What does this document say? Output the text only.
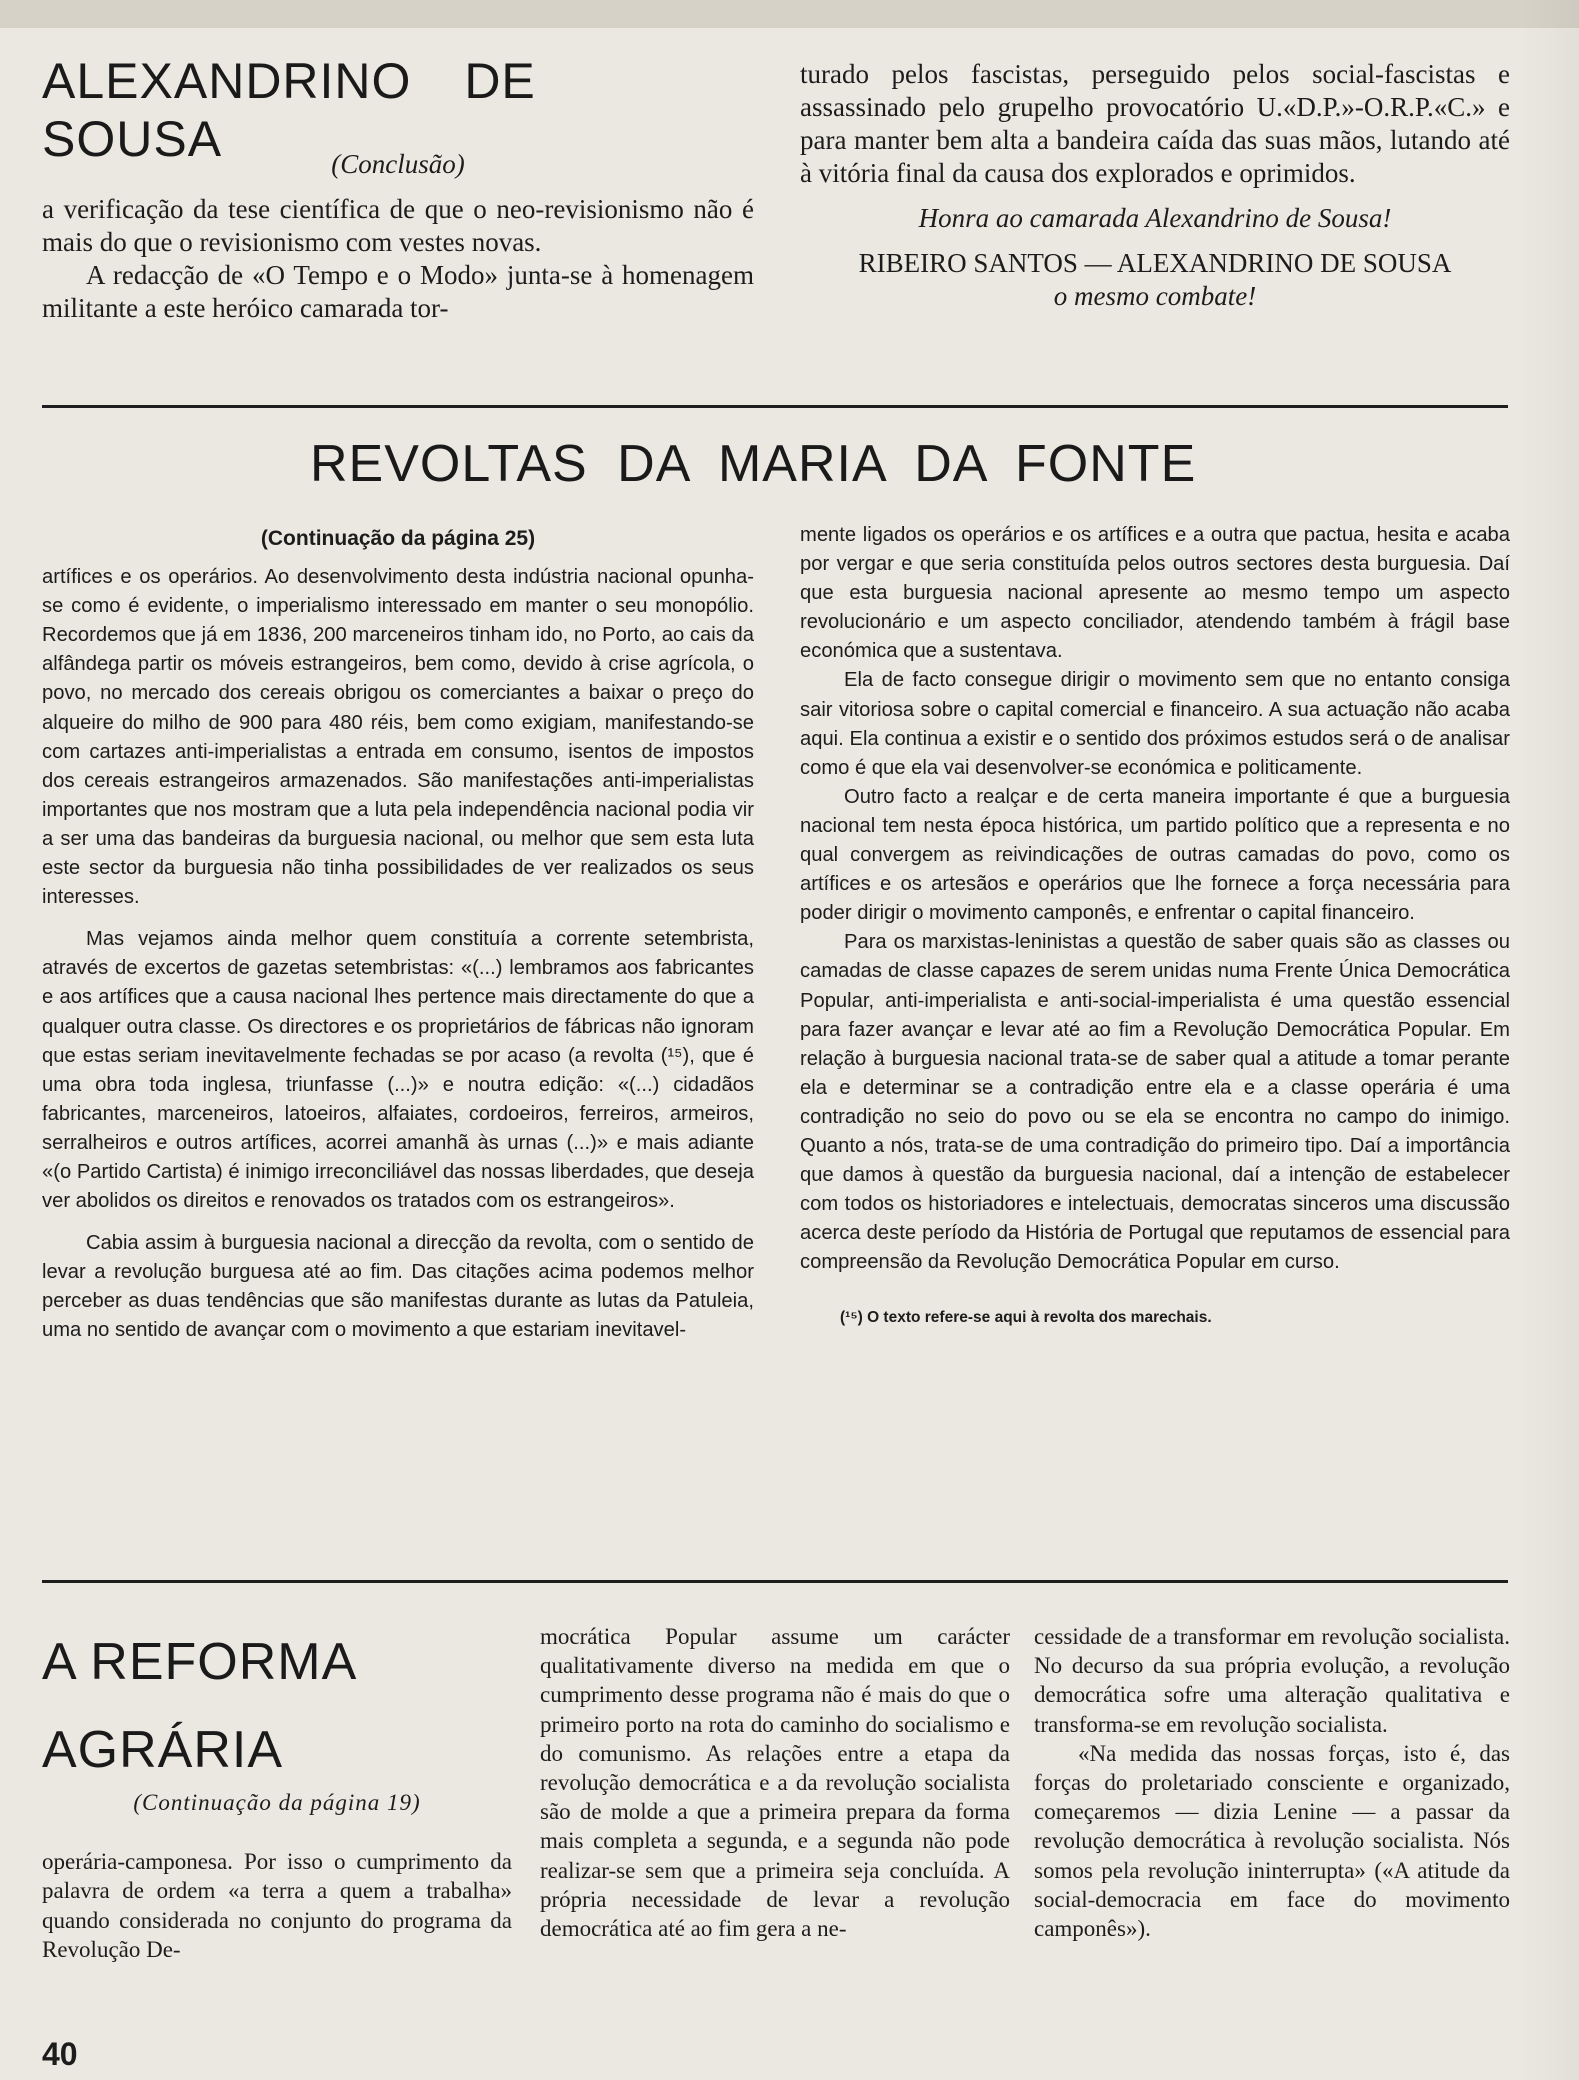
ALEXANDRINO DE SOUSA	(Conclusão)

a verificação da tese científica de que o neo-revisionismo não é mais do que o revisionismo com vestes novas.

A redacção de «O Tempo e o Modo» junta-se à homenagem militante a este heróico camarada tor-

turado pelos fascistas, perseguido pelos social-fascistas e assassinado pelo grupelho provocatório U.«D.P.»-O.R.P.«C.» e para manter bem alta a bandeira caída das suas mãos, lutando até à vitória final da causa dos explorados e oprimidos.

Honra ao camarada Alexandrino de Sousa!

RIBEIRO SANTOS — ALEXANDRINO DE SOUSA

o mesmo combate!

REVOLTAS DA MARIA DA FONTE

(Continuação da página 25)

artífices e os operários. Ao desenvolvimento desta indústria nacional opunha-se como é evidente, o imperialismo interessado em manter o seu monopólio. Recordemos que já em 1836, 200 marceneiros tinham ido, no Porto, ao cais da alfândega partir os móveis estrangeiros, bem como, devido à crise agrícola, o povo, no mercado dos cereais obrigou os comerciantes a baixar o preço do alqueire do milho de 900 para 480 réis, bem como exigiam, manifestando-se com cartazes anti-imperialistas a entrada em consumo, isentos de impostos dos cereais estrangeiros armazenados. São manifestações anti-imperialistas importantes que nos mostram que a luta pela independência nacional podia vir a ser uma das bandeiras da burguesia nacional, ou melhor que sem esta luta este sector da burguesia não tinha possibilidades de ver realizados os seus interesses.

Mas vejamos ainda melhor quem constituía a corrente setembrista, através de excertos de gazetas setembristas: «(...) lembramos aos fabricantes e aos artífices que a causa nacional lhes pertence mais directamente do que a qualquer outra classe. Os directores e os proprietários de fábricas não ignoram que estas seriam inevitavelmente fechadas se por acaso (a revolta (¹⁵), que é uma obra toda inglesa, triunfasse (...)» e noutra edição: «(...) cidadãos fabricantes, marceneiros, latoeiros, alfaiates, cordoeiros, ferreiros, armeiros, serralheiros e outros artífices, acorrei amanhã às urnas (...)» e mais adiante «(o Partido Cartista) é inimigo irreconciliável das nossas liberdades, que deseja ver abolidos os direitos e renovados os tratados com os estrangeiros».

Cabia assim à burguesia nacional a direcção da revolta, com o sentido de levar a revolução burguesa até ao fim. Das citações acima podemos melhor perceber as duas tendências que são manifestas durante as lutas da Patuleia, uma no sentido de avançar com o movimento a que estariam inevitavel-

mente ligados os operários e os artífices e a outra que pactua, hesita e acaba por vergar e que seria constituída pelos outros sectores desta burguesia. Daí que esta burguesia nacional apresente ao mesmo tempo um aspecto revolucionário e um aspecto conciliador, atendendo também à frágil base económica que a sustentava.

Ela de facto consegue dirigir o movimento sem que no entanto consiga sair vitoriosa sobre o capital comercial e financeiro. A sua actuação não acaba aqui. Ela continua a existir e o sentido dos próximos estudos será o de analisar como é que ela vai desenvolver-se económica e politicamente.

Outro facto a realçar e de certa maneira importante é que a burguesia nacional tem nesta época histórica, um partido político que a representa e no qual convergem as reivindicações de outras camadas do povo, como os artífices e os artesãos e operários que lhe fornece a força necessária para poder dirigir o movimento camponês, e enfrentar o capital financeiro.

Para os marxistas-leninistas a questão de saber quais são as classes ou camadas de classe capazes de serem unidas numa Frente Única Democrática Popular, anti-imperialista e anti-social-imperialista é uma questão essencial para fazer avançar e levar até ao fim a Revolução Democrática Popular. Em relação à burguesia nacional trata-se de saber qual a atitude a tomar perante ela e determinar se a contradição entre ela e a classe operária é uma contradição no seio do povo ou se ela se encontra no campo do inimigo. Quanto a nós, trata-se de uma contradição do primeiro tipo. Daí a importância que damos à questão da burguesia nacional, daí a intenção de estabelecer com todos os historiadores e intelectuais, democratas sinceros uma discussão acerca deste período da História de Portugal que reputamos de essencial para compreensão da Revolução Democrática Popular em curso.

(¹⁵) O texto refere-se aqui à revolta dos marechais.

A REFORMA
AGRÁRIA

(Continuação da página 19)

operária-camponesa. Por isso o cumprimento da palavra de ordem «a terra a quem a trabalha» quando considerada no conjunto do programa da Revolução De-

mocrática Popular assume um carácter qualitativamente diverso na medida em que o cumprimento desse programa não é mais do que o primeiro porto na rota do caminho do socialismo e do comunismo. As relações entre a etapa da revolução democrática e a da revolução socialista são de molde a que a primeira prepara da forma mais completa a segunda, e a segunda não pode realizar-se sem que a primeira seja concluída. A própria necessidade de levar a revolução democrática até ao fim gera a ne-

cessidade de a transformar em revolução socialista. No decurso da sua própria evolução, a revolução democrática sofre uma alteração qualitativa e transforma-se em revolução socialista.

«Na medida das nossas forças, isto é, das forças do proletariado consciente e organizado, começaremos — dizia Lenine — a passar da revolução democrática à revolução socialista. Nós somos pela revolução ininterrupta» («A atitude da social-democracia em face do movimento camponês»).

40
